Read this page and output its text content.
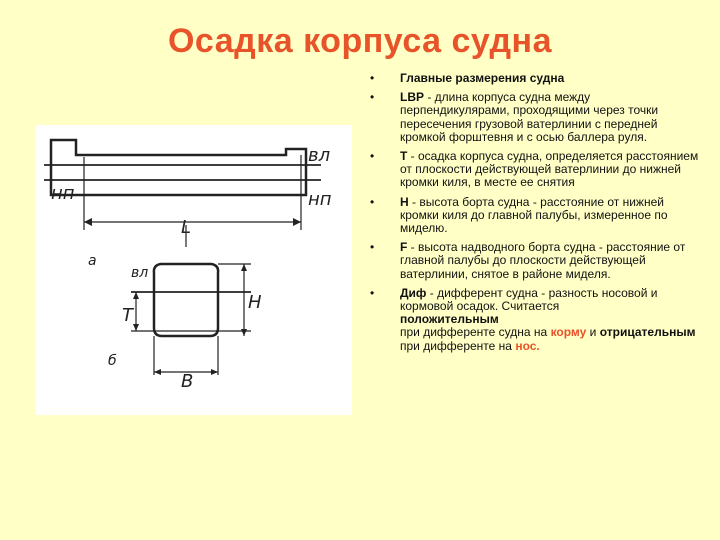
Осадка корпуса судна
вл
нп	нп
L
а
вл
T
H
б
B
• Главные размерения судна
• LBP - длина корпуса судна между перпендикулярами, проходящими через точки пересечения грузовой ватерлинии с передней кромкой форштевня и с осью баллера руля.
• T - осадка корпуса судна, определяется расстоянием от плоскости действующей ватерлинии до нижней кромки киля, в месте ее снятия
• H - высота борта судна - расстояние от нижней кромки киля до главной палубы, измеренное по миделю.
• F - высота надводного борта судна - расстояние от главной палубы до плоскости действующей ватерлинии, снятое в районе миделя.
• Диф - дифферент судна - разность носовой и кормовой осадок. Считается
положительным
при дифференте судна на корму и отрицательным при дифференте на нос.
